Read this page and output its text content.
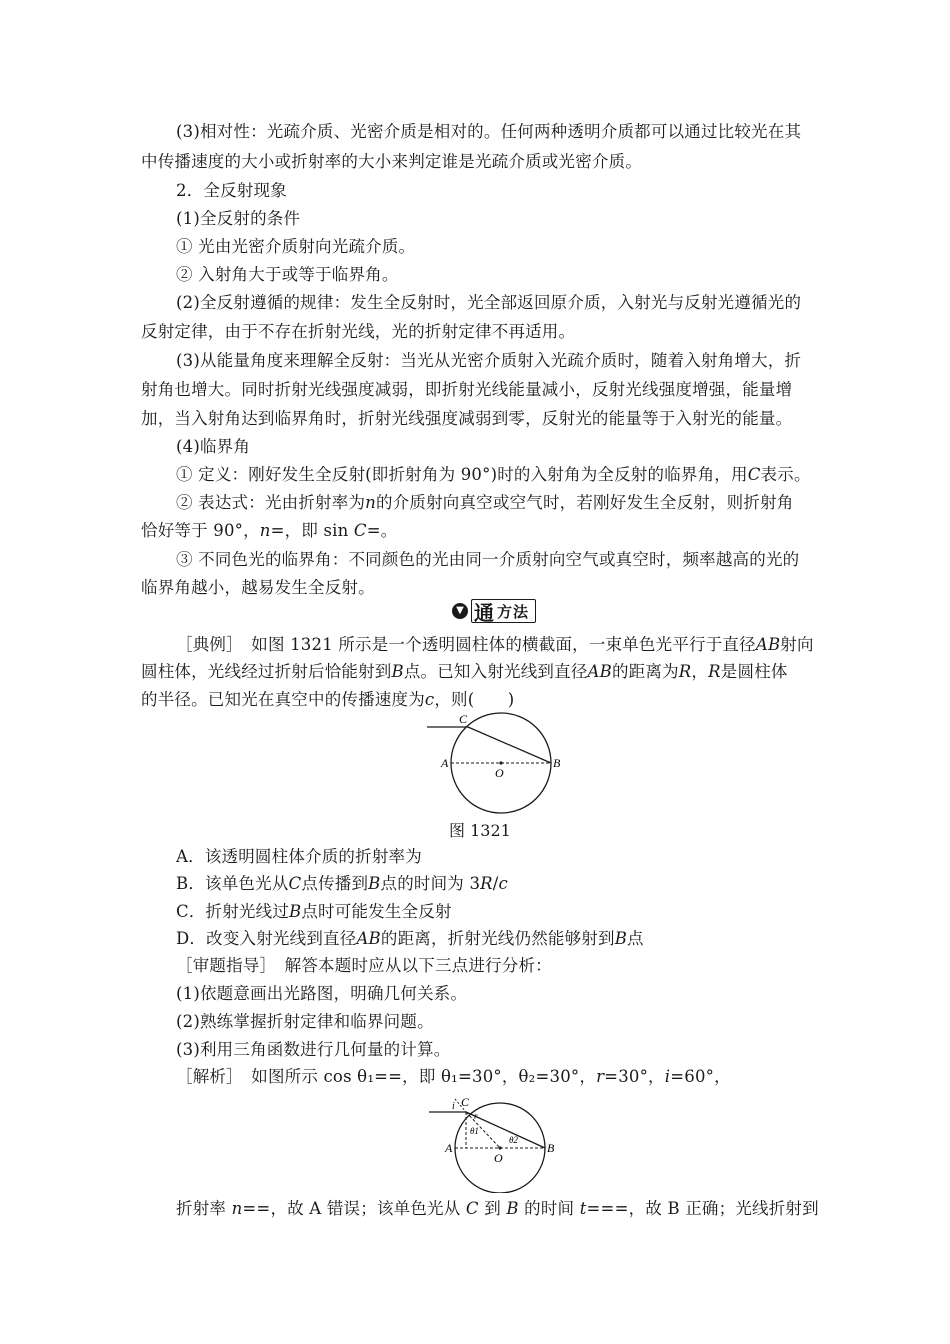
(3)相对性：光疏介质、光密介质是相对的。任何两种透明介质都可以通过比较光在其
中传播速度的大小或折射率的大小来判定谁是光疏介质或光密介质。
2．全反射现象
(1)全反射的条件
① 光由光密介质射向光疏介质。
② 入射角大于或等于临界角。
(2)全反射遵循的规律：发生全反射时，光全部返回原介质，入射光与反射光遵循光的
反射定律，由于不存在折射光线，光的折射定律不再适用。
(3)从能量角度来理解全反射：当光从光密介质射入光疏介质时，随着入射角增大，折
射角也增大。同时折射光线强度减弱，即折射光线能量减小，反射光线强度增强，能量增
加，当入射角达到临界角时，折射光线强度减弱到零，反射光的能量等于入射光的能量。
(4)临界角
① 定义：刚好发生全反射(即折射角为 90°)时的入射角为全反射的临界角，用C表示。
② 表达式：光由折射率为n的介质射向真空或空气时，若刚好发生全反射，则折射角
恰好等于 90°，n=，即 sin C=。
③ 不同色光的临界角：不同颜色的光由同一介质射向空气或真空时，频率越高的光的
临界角越小，越易发生全反射。
▼ 通 方法
［典例］　如图 1321 所示是一个透明圆柱体的横截面，一束单色光平行于直径AB射向
圆柱体，光线经过折射后恰能射到B点。已知入射光线到直径AB的距离为R，R是圆柱体
的半径。已知光在真空中的传播速度为c，则(　　)
C
A
O
B
图 1321
A．该透明圆柱体介质的折射率为
B．该单色光从C点传播到B点的时间为 3R/c
C．折射光线过B点时可能发生全反射
D．改变入射光线到直径AB的距离，折射光线仍然能够射到B点
［审题指导］　解答本题时应从以下三点进行分析：
(1)依题意画出光路图，明确几何关系。
(2)熟练掌握折射定律和临界问题。
(3)利用三角函数进行几何量的计算。
［解析］　如图所示 cos θ₁==，即 θ₁=30°，θ₂=30°，r=30°，i=60°，
i C
r
θ1
θ2
A
O
B
折射率 n==，故 A 错误；该单色光从 C 到 B 的时间 t===，故 B 正确；光线折射到
